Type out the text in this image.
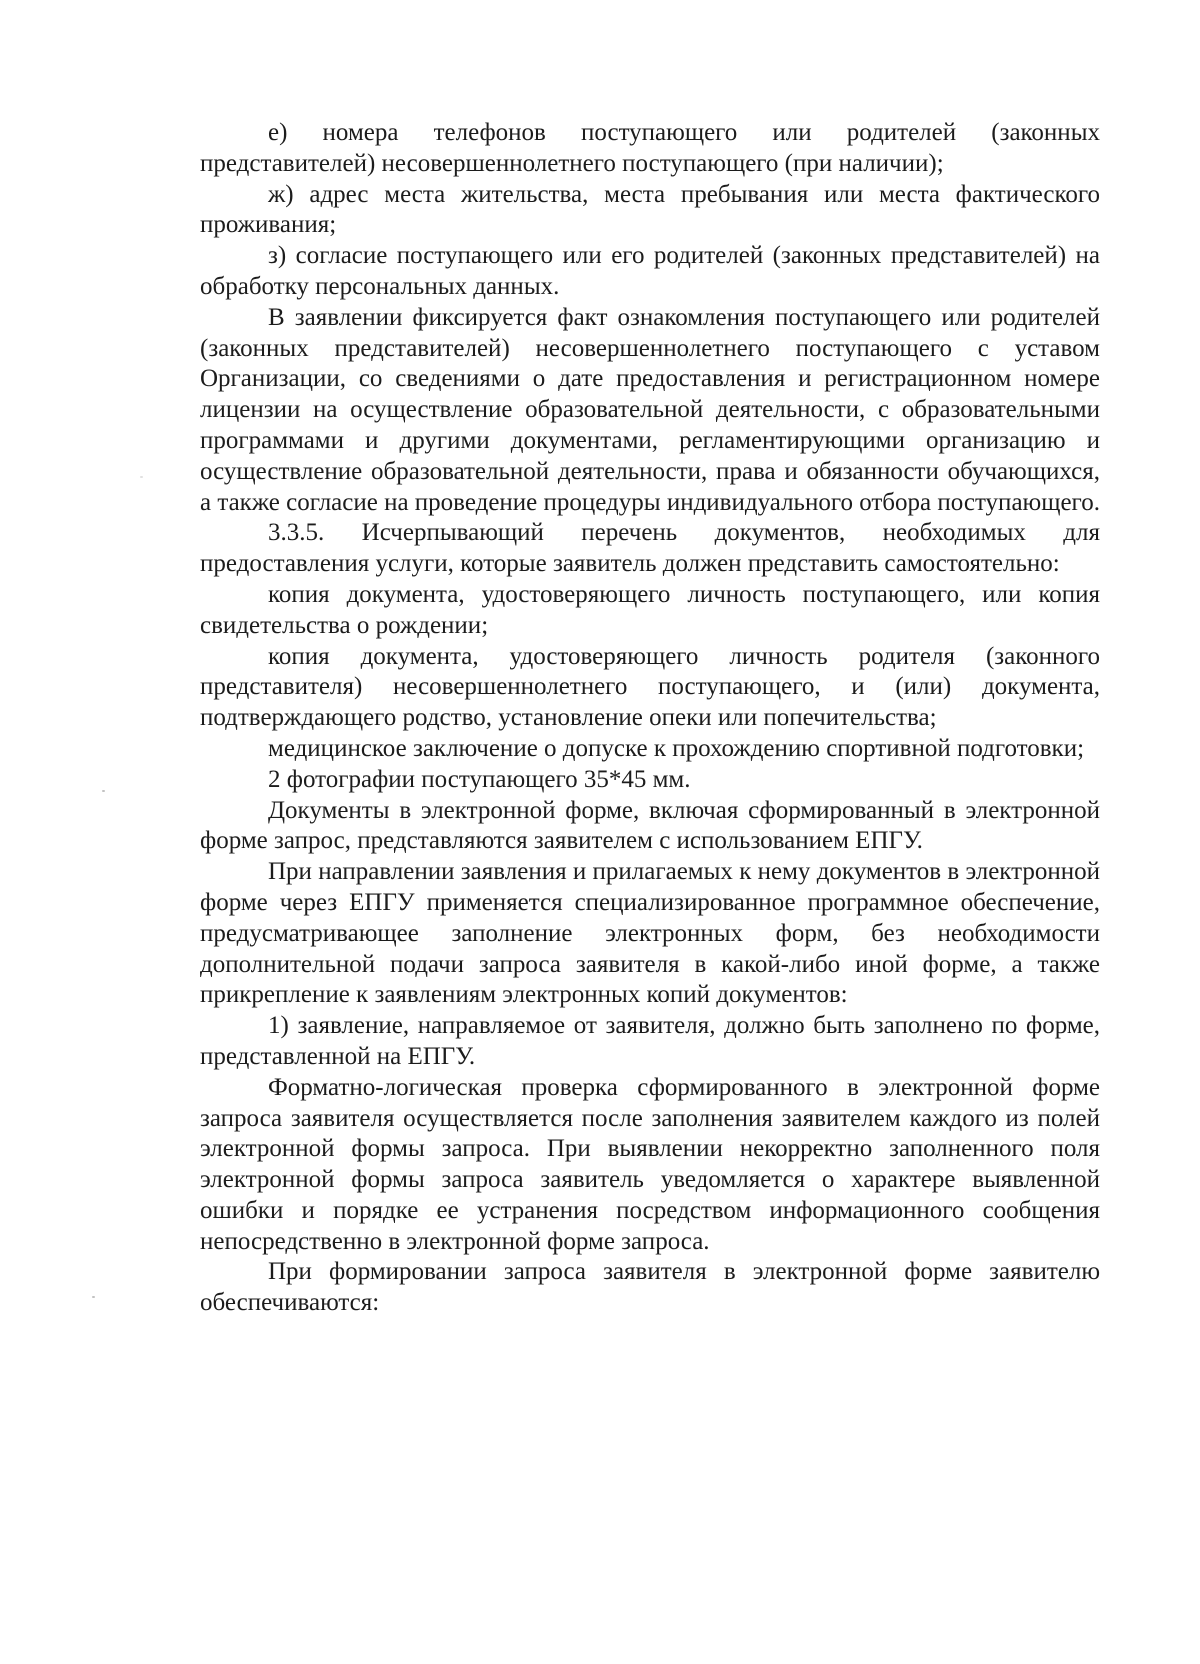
е) номера телефонов поступающего или родителей (законных представителей) несовершеннолетнего поступающего (при наличии);

ж) адрес места жительства, места пребывания или места фактического проживания;

з) согласие поступающего или его родителей (законных представителей) на обработку персональных данных.

В заявлении фиксируется факт ознакомления поступающего или родителей (законных представителей) несовершеннолетнего поступающего с уставом Организации, со сведениями о дате предоставления и регистрационном номере лицензии на осуществление образовательной деятельности, с образовательными программами и другими документами, регламентирующими организацию и осуществление образовательной деятельности, права и обязанности обучающихся, а также согласие на проведение процедуры индивидуального отбора поступающего.

3.3.5. Исчерпывающий перечень документов, необходимых для предоставления услуги, которые заявитель должен представить самостоятельно:

копия документа, удостоверяющего личность поступающего, или копия свидетельства о рождении;

копия документа, удостоверяющего личность родителя (законного представителя) несовершеннолетнего поступающего, и (или) документа, подтверждающего родство, установление опеки или попечительства;

медицинское заключение о допуске к прохождению спортивной подготовки;

2 фотографии поступающего 35*45 мм.

Документы в электронной форме, включая сформированный в электронной форме запрос, представляются заявителем с использованием ЕПГУ.

При направлении заявления и прилагаемых к нему документов в электронной форме через ЕПГУ применяется специализированное программное обеспечение, предусматривающее заполнение электронных форм, без необходимости дополнительной подачи запроса заявителя в какой-либо иной форме, а также прикрепление к заявлениям электронных копий документов:

1) заявление, направляемое от заявителя, должно быть заполнено по форме, представленной на ЕПГУ.

Форматно-логическая проверка сформированного в электронной форме запроса заявителя осуществляется после заполнения заявителем каждого из полей электронной формы запроса. При выявлении некорректно заполненного поля электронной формы запроса заявитель уведомляется о характере выявленной ошибки и порядке ее устранения посредством информационного сообщения непосредственно в электронной форме запроса.

При формировании запроса заявителя в электронной форме заявителю обеспечиваются:
